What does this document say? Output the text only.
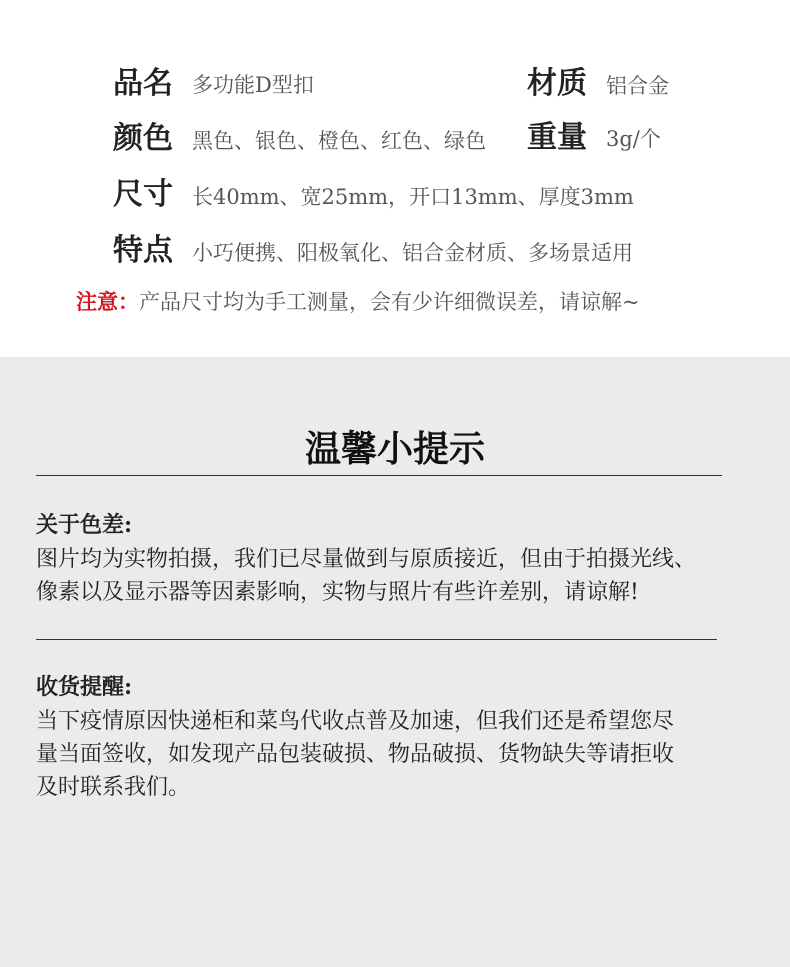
品名 多功能D型扣	材质 铝合金
颜色 黑色、银色、橙色、红色、绿色 重量 3g/个
尺寸 长40mm、宽25mm，开口13mm、厚度3mm
特点 小巧便携、阳极氧化、铝合金材质、多场景适用
注意：产品尺寸均为手工测量，会有少许细微误差，请谅解~
温馨小提示
关于色差:

图片均为实物拍摄，我们已尽量做到与原质接近，但由于拍摄光线、

像素以及显示器等因素影响，实物与照片有些许差别，请谅解!

收货提醒:

当下疫情原因快递柜和菜鸟代收点普及加速，但我们还是希望您尽

量当面签收，如发现产品包装破损、物品破损、货物缺失等请拒收

及时联系我们。
